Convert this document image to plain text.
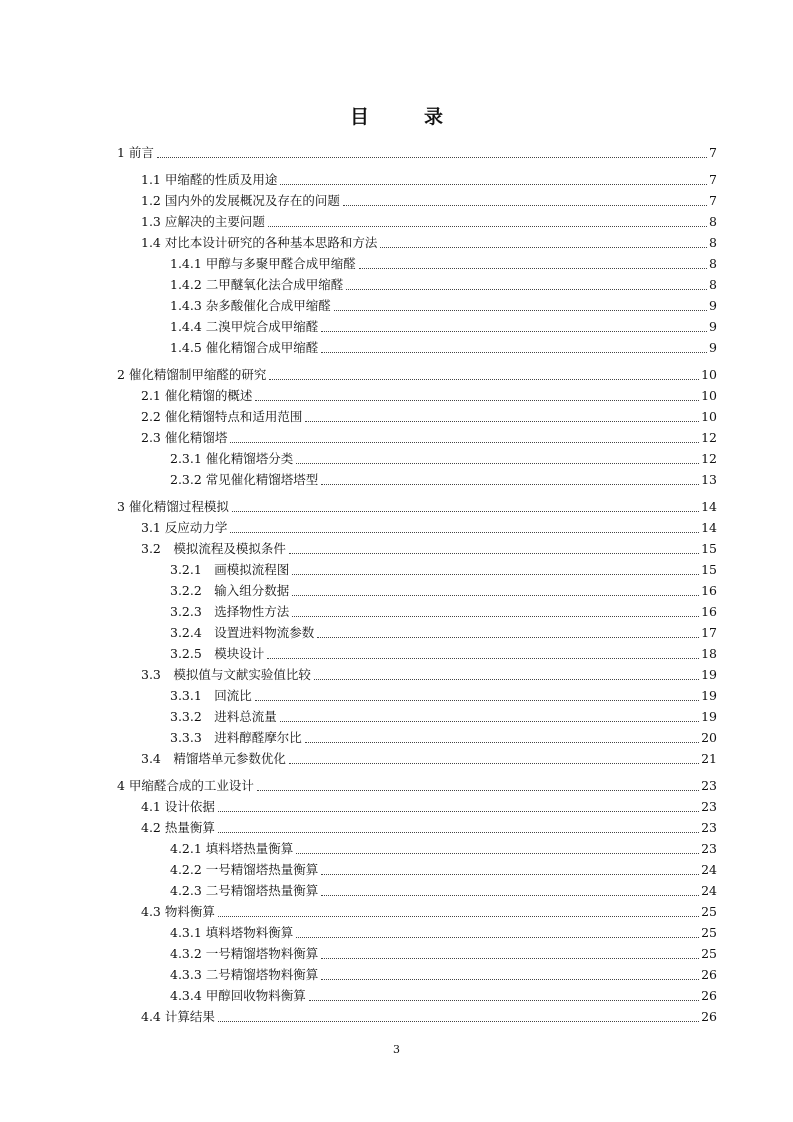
目　录
1 前言	7
1.1 甲缩醛的性质及用途	7
1.2 国内外的发展概况及存在的问题	7
1.3 应解决的主要问题	8
1.4 对比本设计研究的各种基本思路和方法	8
1.4.1 甲醇与多聚甲醛合成甲缩醛	8
1.4.2 二甲醚氧化法合成甲缩醛	8
1.4.3 杂多酸催化合成甲缩醛	9
1.4.4 二溴甲烷合成甲缩醛	9
1.4.5 催化精馏合成甲缩醛	9
2 催化精馏制甲缩醛的研究	10
2.1 催化精馏的概述	10
2.2 催化精馏特点和适用范围	10
2.3 催化精馏塔	12
2.3.1 催化精馏塔分类	12
2.3.2 常见催化精馏塔塔型	13
3 催化精馏过程模拟	14
3.1 反应动力学	14
3.2　模拟流程及模拟条件	15
3.2.1　画模拟流程图	15
3.2.2　输入组分数据	16
3.2.3　选择物性方法	16
3.2.4　设置进料物流参数	17
3.2.5　模块设计	18
3.3　模拟值与文献实验值比较	19
3.3.1　回流比	19
3.3.2　进料总流量	19
3.3.3　进料醇醛摩尔比	20
3.4　精馏塔单元参数优化	21
4 甲缩醛合成的工业设计	23
4.1 设计依据	23
4.2 热量衡算	23
4.2.1 填料塔热量衡算	23
4.2.2 一号精馏塔热量衡算	24
4.2.3 二号精馏塔热量衡算	24
4.3 物料衡算	25
4.3.1 填料塔物料衡算	25
4.3.2 一号精馏塔物料衡算	25
4.3.3 二号精馏塔物料衡算	26
4.3.4 甲醇回收物料衡算	26
4.4 计算结果	26
3
